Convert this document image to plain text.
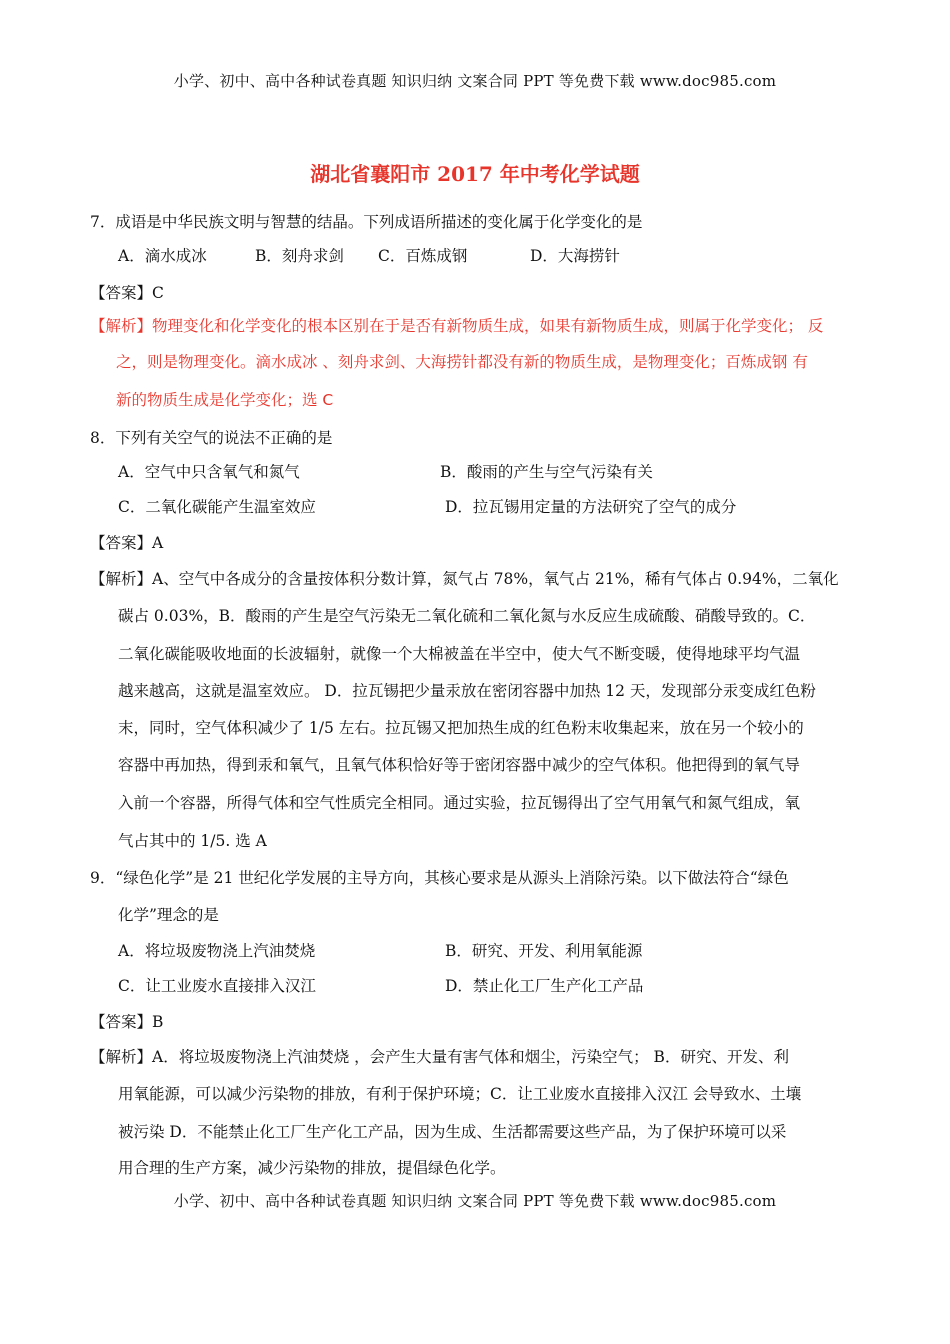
小学、初中、高中各种试卷真题 知识归纳 文案合同 PPT 等免费下载 www.doc985.com
湖北省襄阳市 2017 年中考化学试题
7．成语是中华民族文明与智慧的结晶。下列成语所描述的变化属于化学变化的是
A．滴水成冰	B．刻舟求剑 C．百炼成钢	D．大海捞针
【答案】C
【解析】物理变化和化学变化的根本区别在于是否有新物质生成，如果有新物质生成，则属于化学变化； 反
之，则是物理变化。滴水成冰 、刻舟求剑、大海捞针都没有新的物质生成，是物理变化；百炼成钢 有
新的物质生成是化学变化；选 C
8．下列有关空气的说法不正确的是
A．空气中只含氧气和氮气	B．酸雨的产生与空气污染有关
C．二氧化碳能产生温室效应	D．拉瓦锡用定量的方法研究了空气的成分
【答案】A
【解析】A、空气中各成分的含量按体积分数计算，氮气占 78%，氧气占 21%，稀有气体占 0.94%，二氧化
碳占 0.03%，B．酸雨的产生是空气污染无二氧化硫和二氧化氮与水反应生成硫酸、硝酸导致的。C．
二氧化碳能吸收地面的长波辐射，就像一个大棉被盖在半空中，使大气不断变暖，使得地球平均气温
越来越高，这就是温室效应。 D．拉瓦锡把少量汞放在密闭容器中加热 12 天，发现部分汞变成红色粉
末，同时，空气体积减少了 1/5 左右。拉瓦锡又把加热生成的红色粉末收集起来，放在另一个较小的
容器中再加热，得到汞和氧气，且氧气体积恰好等于密闭容器中减少的空气体积。他把得到的氧气导
入前一个容器，所得气体和空气性质完全相同。通过实验，拉瓦锡得出了空气用氧气和氮气组成，氧
气占其中的 1/5. 选 A
9．“绿色化学”是 21 世纪化学发展的主导方向，其核心要求是从源头上消除污染。以下做法符合“绿色
化学”理念的是
A．将垃圾废物浇上汽油焚烧	B．研究、开发、利用氧能源
C．让工业废水直接排入汉江	D．禁止化工厂生产化工产品
【答案】B
【解析】A．将垃圾废物浇上汽油焚烧 ，会产生大量有害气体和烟尘，污染空气； B．研究、开发、利
用氧能源，可以减少污染物的排放，有利于保护环境；C．让工业废水直接排入汉江 会导致水、土壤
被污染 D．不能禁止化工厂生产化工产品，因为生成、生活都需要这些产品，为了保护环境可以采
用合理的生产方案，减少污染物的排放，提倡绿色化学。
小学、初中、高中各种试卷真题 知识归纳 文案合同 PPT 等免费下载 www.doc985.com
